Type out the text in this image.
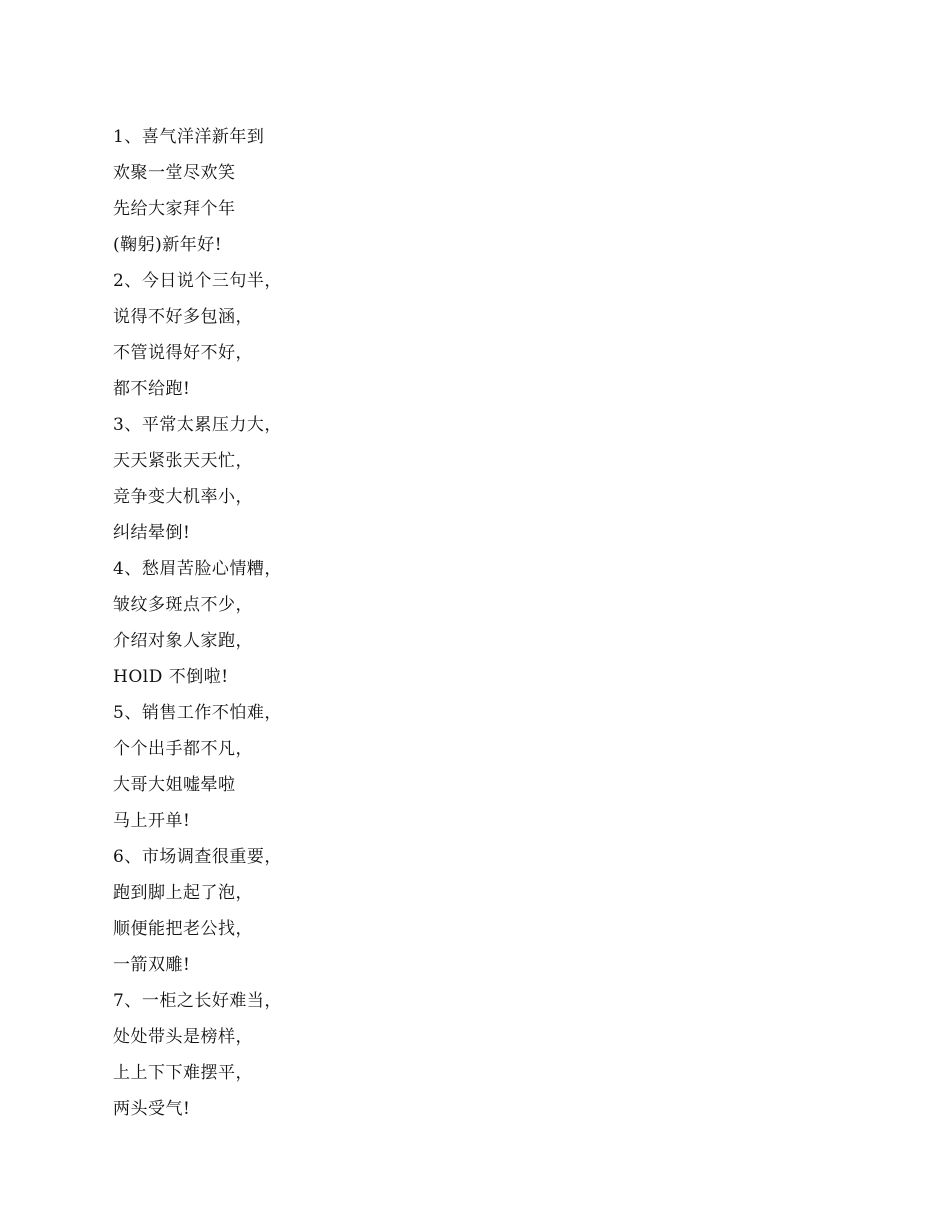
1、喜气洋洋新年到
欢聚一堂尽欢笑
先给大家拜个年
(鞠躬)新年好!
2、今日说个三句半，
说得不好多包涵，
不管说得好不好，
都不给跑!
3、平常太累压力大，
天天紧张天天忙，
竞争变大机率小，
纠结晕倒!
4、愁眉苦脸心情糟，
皱纹多斑点不少，
介绍对象人家跑，
HOlD 不倒啦!
5、销售工作不怕难，
个个出手都不凡，
大哥大姐嘘晕啦
马上开单!
6、市场调查很重要，
跑到脚上起了泡，
顺便能把老公找，
一箭双雕!
7、一柜之长好难当，
处处带头是榜样，
上上下下难摆平，
两头受气!
